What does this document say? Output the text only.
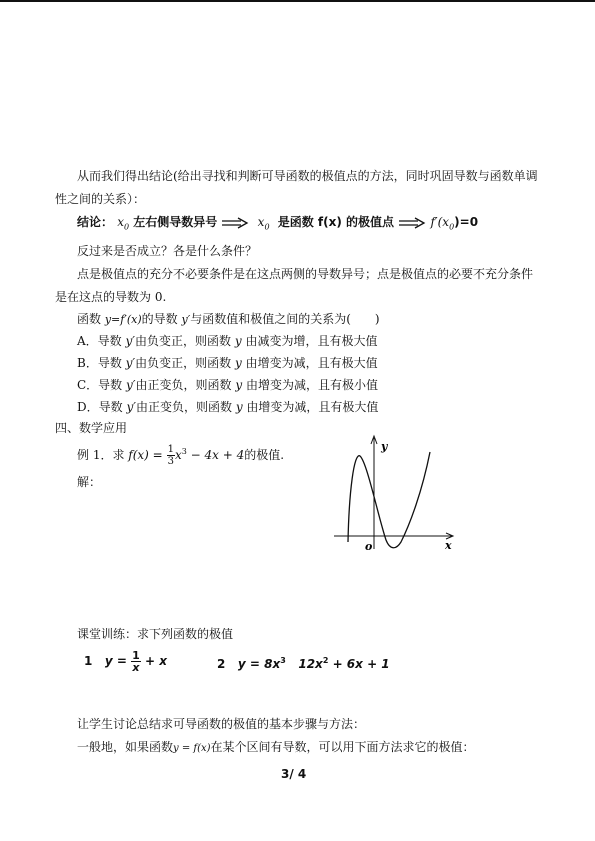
从而我们得出结论(给出寻找和判断可导函数的极值点的方法，同时巩固导数与函数单调
性之间的关系）：
结论： $x_0$ 左右侧导数异号	$x_0$ 是函数 f(x) 的极值点	$f'(x_0)=0$
反过来是否成立？各是什么条件？
点是极值点的充分不必要条件是在这点两侧的导数异号；点是极值点的必要不充分条件
是在这点的导数为 0.
函数 y=f′(x)的导数 y′与函数值和极值之间的关系为(　　)
A．导数 y′由负变正，则函数 y 由减变为增，且有极大值
B．导数 y′由负变正，则函数 y 由增变为减，且有极大值
C．导数 y′由正变负，则函数 y 由增变为减，且有极小值
D．导数 y′由正变负，则函数 y 由增变为减，且有极大值
四、数学应用
例 1．求 $f(x) = \frac{1}{3} x^3 - 4x + 4$的极值.
解：
y
x
o
课堂训练：求下列函数的极值
1 $y = \frac{1}{x} + x$	2 $y = 8x^3$ $12x^2 + 6x + 1$
让学生讨论总结求可导函数的极值的基本步骤与方法：
一般地，如果函数y = f(x)在某个区间有导数，可以用下面方法求它的极值：
3/ 4
